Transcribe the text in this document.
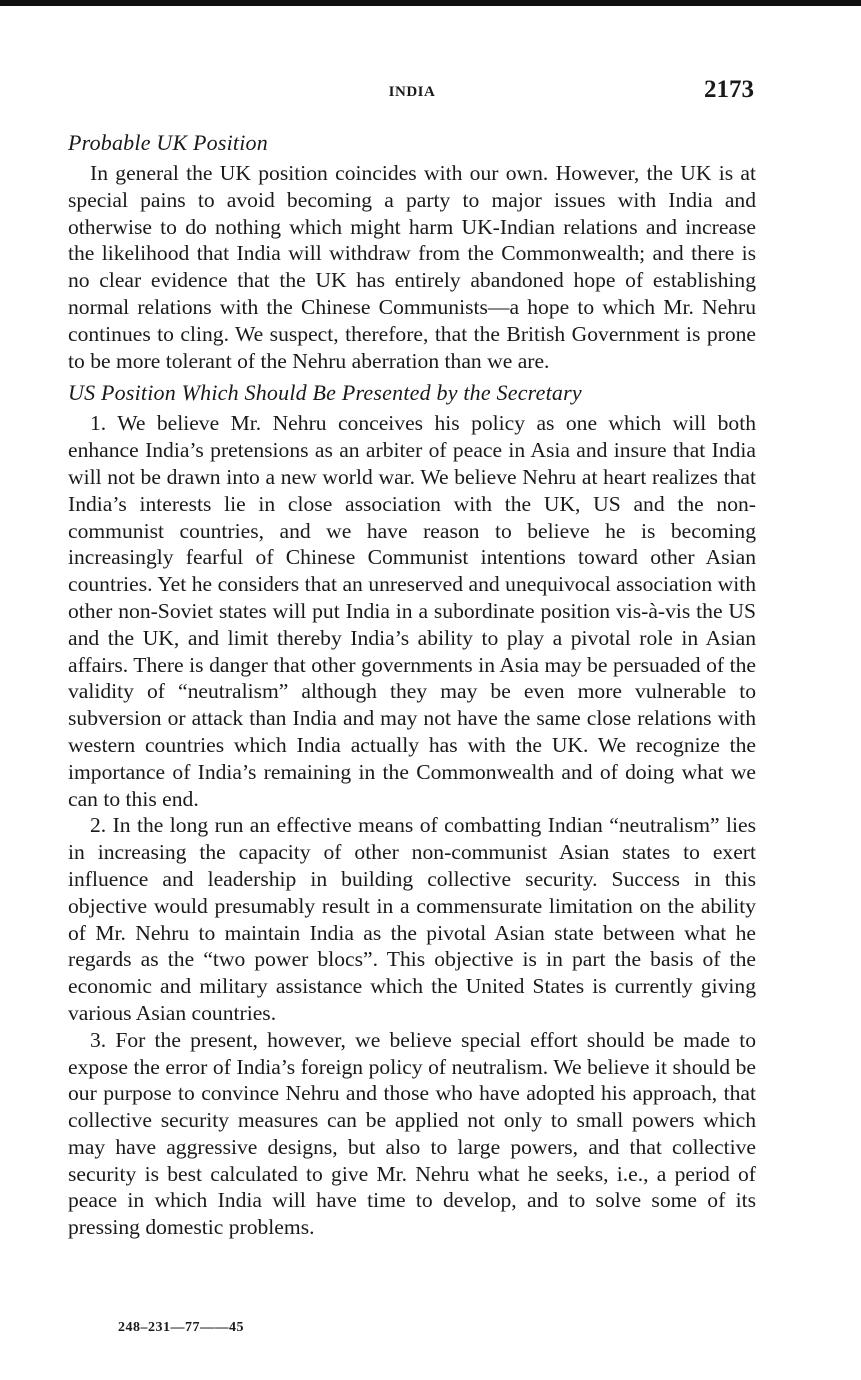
INDIA	2173
Probable UK Position

In general the UK position coincides with our own. However, the UK is at special pains to avoid becoming a party to major issues with India and otherwise to do nothing which might harm UK-Indian relations and increase the likelihood that India will withdraw from the Commonwealth; and there is no clear evidence that the UK has entirely abandoned hope of establishing normal relations with the Chinese Communists—a hope to which Mr. Nehru continues to cling. We suspect, therefore, that the British Government is prone to be more tolerant of the Nehru aberration than we are.

US Position Which Should Be Presented by the Secretary

1. We believe Mr. Nehru conceives his policy as one which will both enhance India’s pretensions as an arbiter of peace in Asia and insure that India will not be drawn into a new world war. We believe Nehru at heart realizes that India’s interests lie in close association with the UK, US and the non-communist countries, and we have reason to believe he is becoming increasingly fearful of Chinese Communist intentions toward other Asian countries. Yet he considers that an unreserved and unequivocal association with other non-Soviet states will put India in a subordinate position vis-à-vis the US and the UK, and limit thereby India’s ability to play a pivotal role in Asian affairs. There is danger that other governments in Asia may be persuaded of the validity of “neutralism” although they may be even more vulnerable to subversion or attack than India and may not have the same close relations with western countries which India actually has with the UK. We recognize the importance of India’s remaining in the Commonwealth and of doing what we can to this end.

2. In the long run an effective means of combatting Indian “neutralism” lies in increasing the capacity of other non-communist Asian states to exert influence and leadership in building collective security. Success in this objective would presumably result in a commensurate limitation on the ability of Mr. Nehru to maintain India as the pivotal Asian state between what he regards as the “two power blocs”. This objective is in part the basis of the economic and military assistance which the United States is currently giving various Asian countries.

3. For the present, however, we believe special effort should be made to expose the error of India’s foreign policy of neutralism. We believe it should be our purpose to convince Nehru and those who have adopted his approach, that collective security measures can be applied not only to small powers which may have aggressive designs, but also to large powers, and that collective security is best calculated to give Mr. Nehru what he seeks, i.e., a period of peace in which India will have time to develop, and to solve some of its pressing domestic problems.

248–231—77——45
